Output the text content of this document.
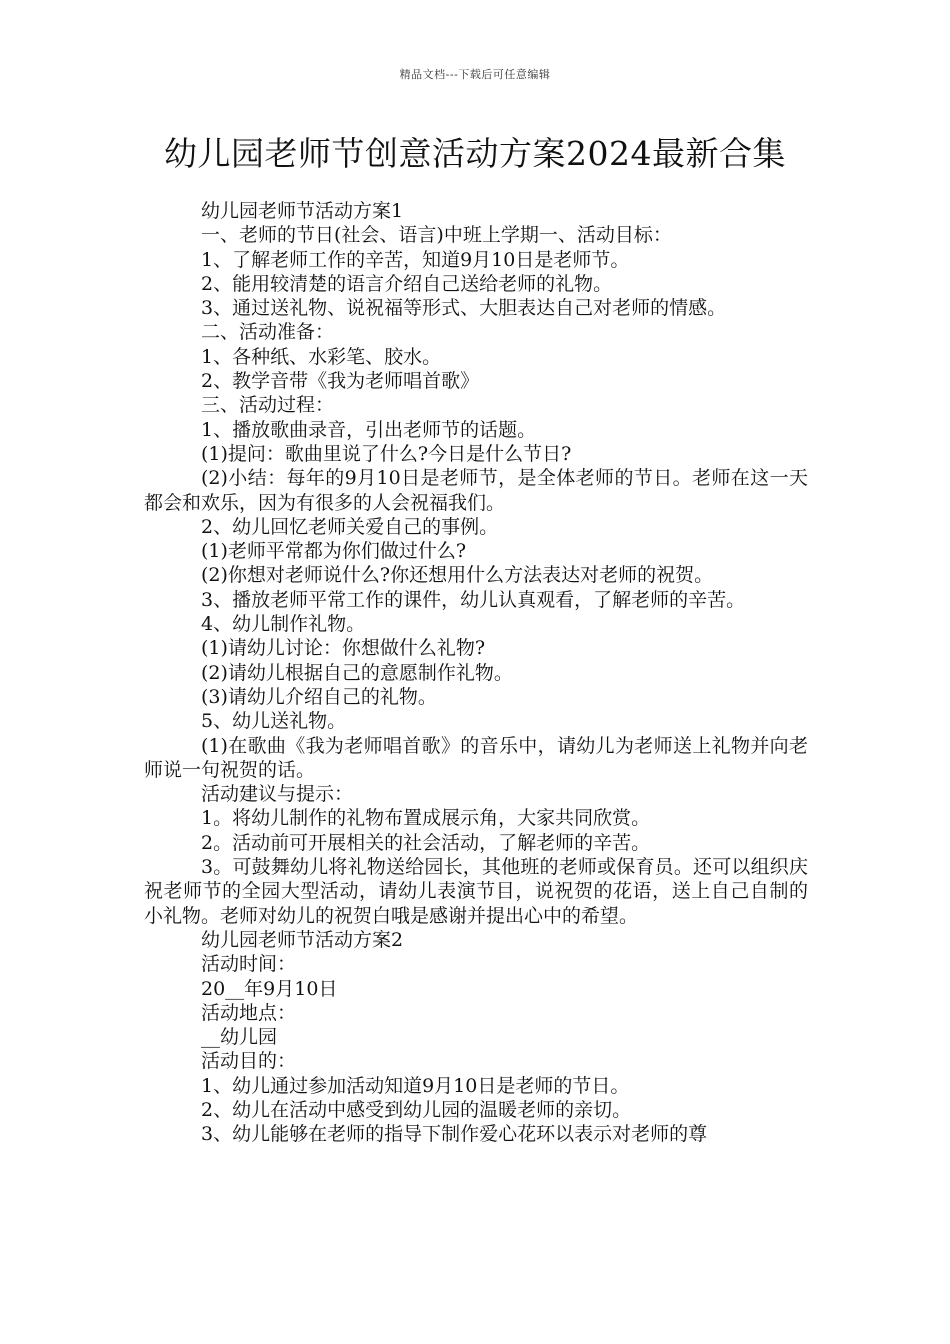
精品文档---下载后可任意编辑
幼儿园老师节创意活动方案2024最新合集

幼儿园老师节活动方案1

一、老师的节日(社会、语言)中班上学期一、活动目标：

1、了解老师工作的辛苦，知道9月10日是老师节。

2、能用较清楚的语言介绍自己送给老师的礼物。

3、通过送礼物、说祝福等形式、大胆表达自己对老师的情感。

二、活动准备：

1、各种纸、水彩笔、胶水。

2、教学音带《我为老师唱首歌》

三、活动过程：

1、播放歌曲录音，引出老师节的话题。

(1)提问：歌曲里说了什么?今日是什么节日?

(2)小结：每年的9月10日是老师节，是全体老师的节日。老师在这一天都会和欢乐，因为有很多的人会祝福我们。

2、幼儿回忆老师关爱自己的事例。

(1)老师平常都为你们做过什么?

(2)你想对老师说什么?你还想用什么方法表达对老师的祝贺。

3、播放老师平常工作的课件，幼儿认真观看，了解老师的辛苦。

4、幼儿制作礼物。

(1)请幼儿讨论：你想做什么礼物?

(2)请幼儿根据自己的意愿制作礼物。

(3)请幼儿介绍自己的礼物。

5、幼儿送礼物。

(1)在歌曲《我为老师唱首歌》的音乐中，请幼儿为老师送上礼物并向老师说一句祝贺的话。

活动建议与提示：

1。将幼儿制作的礼物布置成展示角，大家共同欣赏。

2。活动前可开展相关的社会活动，了解老师的辛苦。

3。可鼓舞幼儿将礼物送给园长，其他班的老师或保育员。还可以组织庆祝老师节的全园大型活动，请幼儿表演节目，说祝贺的花语，送上自己自制的小礼物。老师对幼儿的祝贺白哦是感谢并提出心中的希望。

幼儿园老师节活动方案2

活动时间：

20__年9月10日

活动地点：

__幼儿园

活动目的：

1、幼儿通过参加活动知道9月10日是老师的节日。

2、幼儿在活动中感受到幼儿园的温暖老师的亲切。

3、幼儿能够在老师的指导下制作爱心花环以表示对老师的尊
